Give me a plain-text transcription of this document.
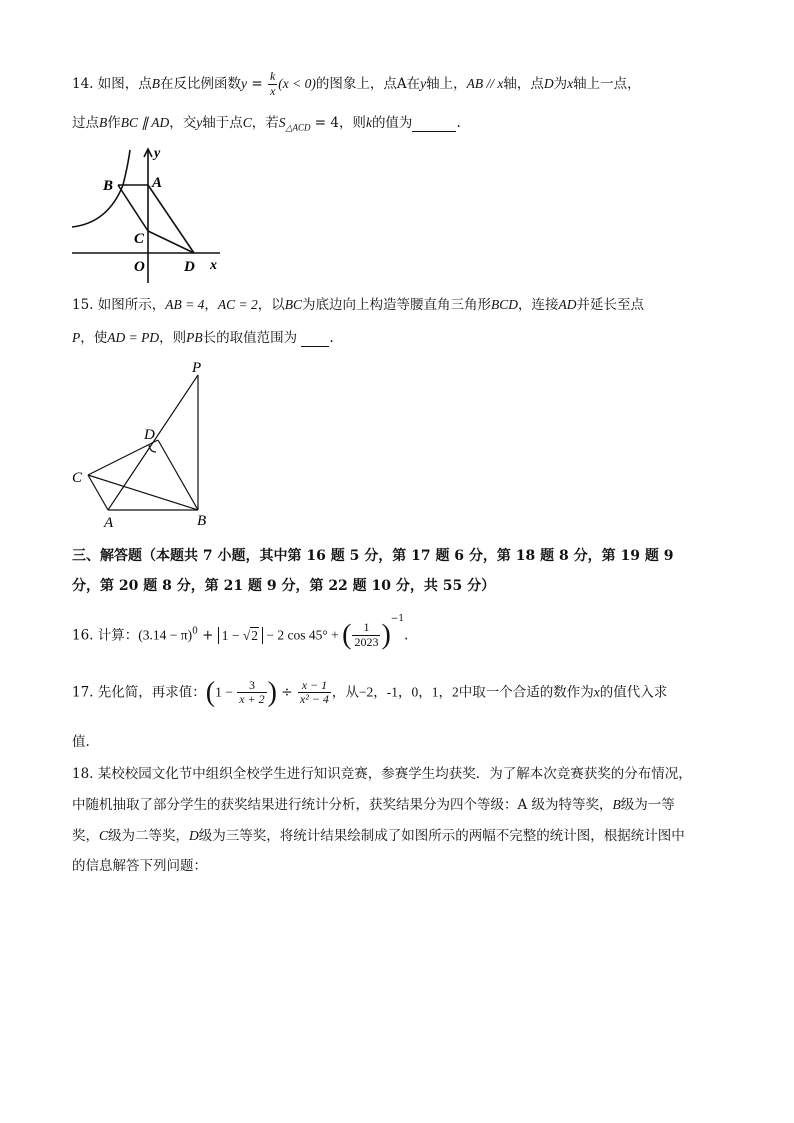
14. 如图，点B在反比例函数$y = \frac{k}{x} (x < 0)$的图象上，点A在y轴上，AB // x轴，点D为x轴上一点，
过点B作BC ∥ AD，交y轴于点C，若$S_{\triangle ACD} = 4$，则k的值为	.
y
B	A
C
O	D x
15. 如图所示，AB = 4，AC = 2，以BC为底边向上构造等腰直角三角形BCD，连接AD并延长至点
P，使AD = PD，则PB长的取值范围为 .
P
D
C
A	B
三、解答题（本题共 7 小题，其中第 16 题 5 分，第 17 题 6 分，第 18 题 8 分，第 19 题 9
分，第 20 题 8 分，第 21 题 9 分，第 22 题 10 分，共 55 分）
16. 计算：$(3.14 - \pi)^0 + 1 - √2 - 2$ cos 45° + ( $\frac{1}{2023} )^{-1}$.
17. 先化简，再求值：($1 - \frac{3}{x + 2}$ ) ÷ $\frac{x - 1}{\text{x² − 4}}$ ，从−2，-1，0，1，2中取一个合适的数作为x的值代入求
值.
18. 某校校园文化节中组织全校学生进行知识竞赛，参赛学生均获奖．为了解本次竞赛获奖的分布情况，
中随机抽取了部分学生的获奖结果进行统计分析，获奖结果分为四个等级：A 级为特等奖，B级为一等
奖，C级为二等奖，D级为三等奖，将统计结果绘制成了如图所示的两幅不完整的统计图，根据统计图中
的信息解答下列问题：
